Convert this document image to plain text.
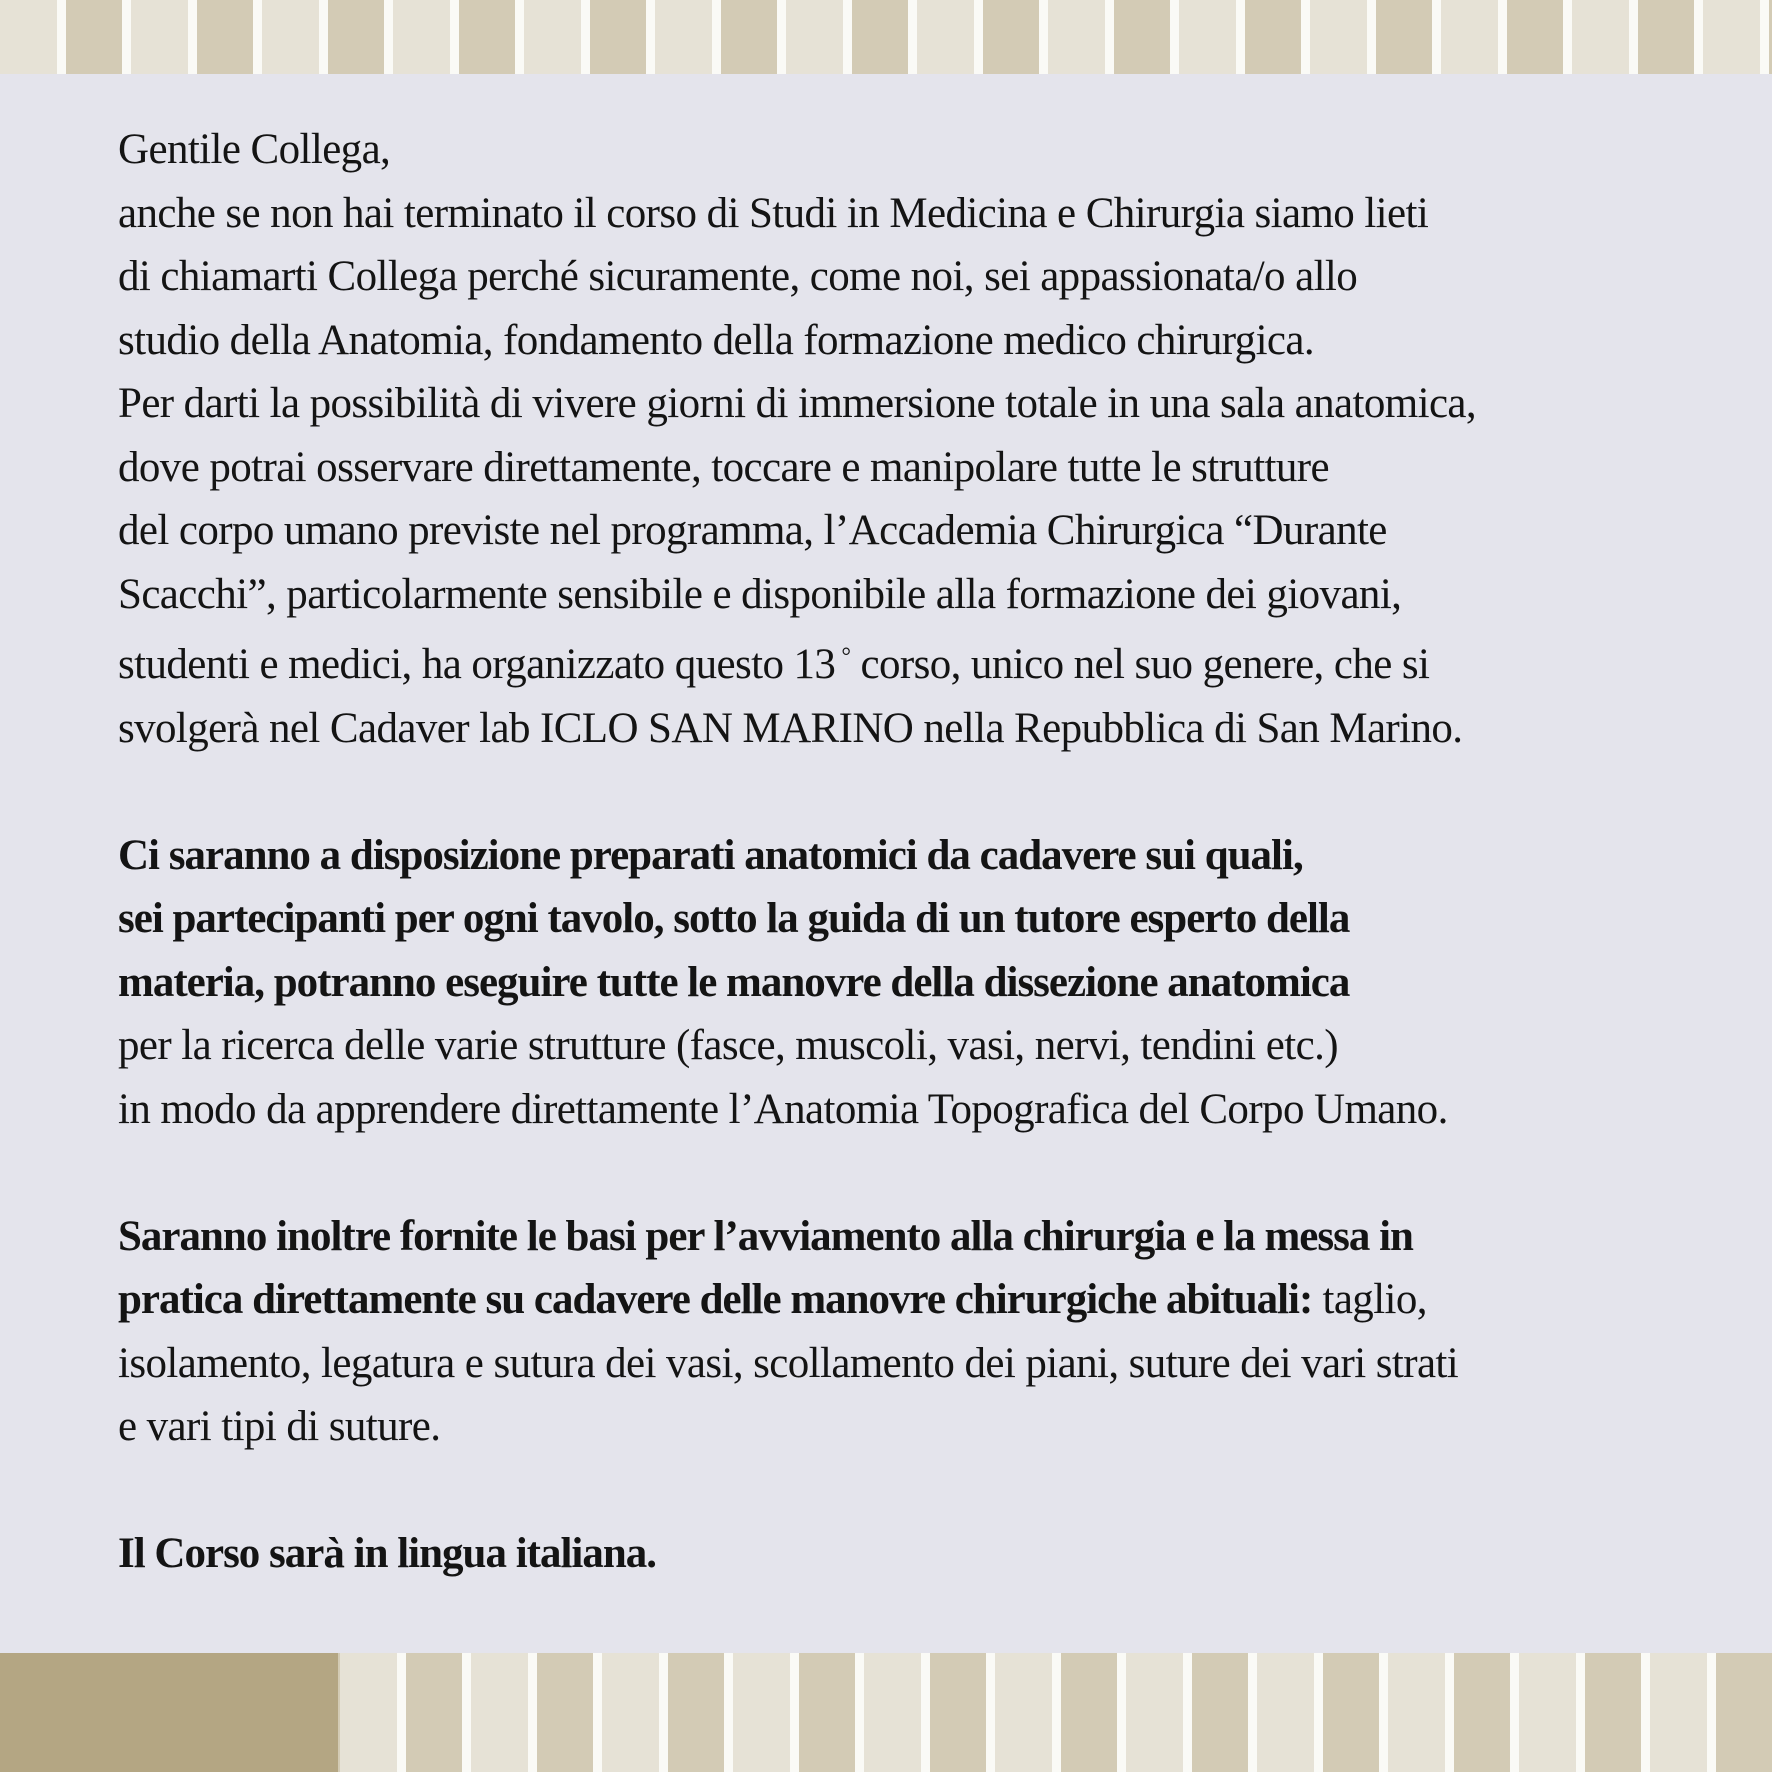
Gentile Collega,
anche se non hai terminato il corso di Studi in Medicina e Chirurgia siamo lieti
di chiamarti Collega perché sicuramente, come noi, sei appassionata/o allo
studio della Anatomia, fondamento della formazione medico chirurgica.
Per darti la possibilità di vivere giorni di immersione totale in una sala anatomica,
dove potrai osservare direttamente, toccare e manipolare tutte le strutture
del corpo umano previste nel programma, l’Accademia Chirurgica “Durante
Scacchi”, particolarmente sensibile e disponibile alla formazione dei giovani,
studenti e medici, ha organizzato questo 13 ° corso, unico nel suo genere, che si
svolgerà nel Cadaver lab ICLO SAN MARINO nella Repubblica di San Marino.
Ci saranno a disposizione preparati anatomici da cadavere sui quali,
sei partecipanti per ogni tavolo, sotto la guida di un tutore esperto della
materia, potranno eseguire tutte le manovre della dissezione anatomica
per la ricerca delle varie strutture (fasce, muscoli, vasi, nervi, tendini etc.)
in modo da apprendere direttamente l’Anatomia Topografica del Corpo Umano.
Saranno inoltre fornite le basi per l’avviamento alla chirurgia e la messa in
pratica direttamente su cadavere delle manovre chirurgiche abituali: taglio,
isolamento, legatura e sutura dei vasi, scollamento dei piani, suture dei vari strati
e vari tipi di suture.
Il Corso sarà in lingua italiana.
